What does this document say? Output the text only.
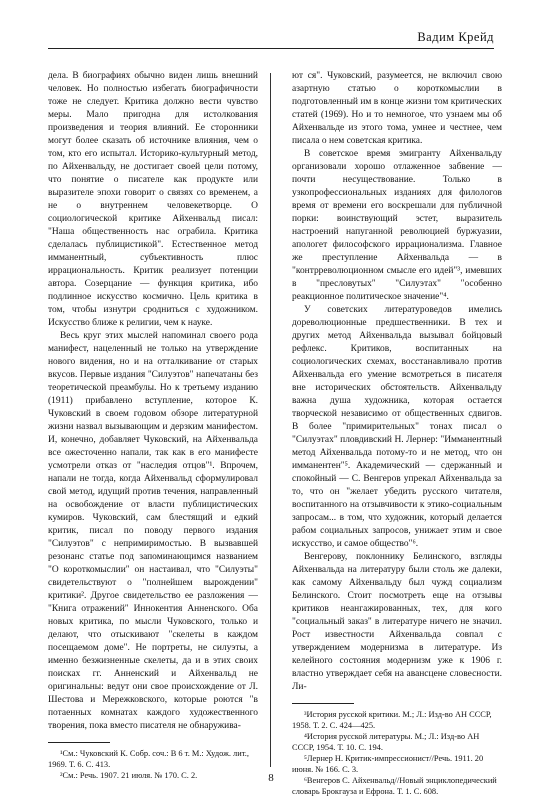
Вадим Крейд

дела. В биографиях обычно виден лишь внешний человек. Но полностью избегать биографичности тоже не следует. Критика должно вести чувство меры. Мало пригодна для истолкования произведения и теория влияний. Ее сторонники могут более сказать об источнике влияния, чем о том, кто его испытал. Историко-культурный метод, по Айхенвальду, не достигает своей цели потому, что понятие о писателе как продукте или выразителе эпохи говорит о связях со временем, а не о внутреннем человекетворце. О социологической критике Айхенвальд писал: "Наша общественность нас ограбила. Критика сделалась публицистикой". Естественное метод имманентный, субъективность плюс иррациональность. Критик реализует потенции автора. Созерцание — функция критика, ибо подлинное искусство космично. Цель критика в том, чтобы изнутри сродниться с художником. Искусство ближе к религии, чем к науке.

Весь круг этих мыслей напоминал своего рода манифест, нацеленный не только на утверждение нового видения, но и на отталкивание от старых вкусов. Первые издания "Силуэтов" напечатаны без теоретической преамбулы. Но к третьему изданию (1911) прибавлено вступление, которое К. Чуковский в своем годовом обзоре литературной жизни назвал вызывающим и дерзким манифестом. И, конечно, добавляет Чуковский, на Айхенвальда все ожесточенно напали, так как в его манифесте усмотрели отказ от "наследия отцов"¹. Впрочем, напали не тогда, когда Айхенвальд сформулировал свой метод, идущий против течения, направленный на освобождение от власти публицистических кумиров. Чуковский, сам блестящий и едкий критик, писал по поводу первого издания "Силуэтов" с непримиримостью. В вызвавшей резонанс статье под запоминающимся названием "О короткомыслии" он настаивал, что "Силуэты" свидетельствуют о "полнейшем вырождении" критики². Другое свидетельство ее разложения — "Книга отражений" Иннокентия Анненского. Оба новых критика, по мысли Чуковского, только и делают, что отыскивают "скелеты в каждом посещаемом доме". Не портреты, не силуэты, а именно безжизненные скелеты, да и в этих своих поисках гг. Анненский и Айхенвальд не оригинальны: ведут они свое происхождение от Л. Шестова и Мережковского, которые роются "в потаенных комнатах каждого художественного творения, пока вместо писателя не обнаружива-

¹См.: Чуковский К. Собр. соч.: В 6 т. М.: Худож. лит., 1969. Т. 6. С. 413.

²См.: Речь. 1907. 21 июля. № 170. С. 2.

ют ся". Чуковский, разумеется, не включил свою азартную статью о короткомыслии в подготовленный им в конце жизни том критических статей (1969). Но и то немногое, что узнаем мы об Айхенвальде из этого тома, умнее и честнее, чем писала о нем советская критика.

В советское время эмигранту Айхенвальду организовали хорошо отлаженное забвение — почти несуществование. Только в узкопрофессиональных изданиях для филологов время от времени его воскрешали для публичной порки: воинствующий эстет, выразитель настроений напуганной революцией буржуазии, апологет философского иррационализма. Главное же преступление Айхенвальда — в "контрреволюционном смысле его идей"³, имевших в "пресловутых" "Силуэтах" "особенно реакционное политическое значение"⁴.

У советских литературоведов имелись дореволюционные предшественники. В тех и других метод Айхенвальда вызывал бойцовый рефлекс. Критиков, воспитанных на социологических схемах, восстанавливало против Айхенвальда его умение всмотреться в писателя вне исторических обстоятельств. Айхенвальду важна душа художника, которая остается творческой независимо от общественных сдвигов. В более "примирительных" тонах писал о "Силуэтах" пловдивский Н. Лернер: "Имманентный метод Айхенвальда потому-то и не метод, что он имманентен"⁵. Академический — сдержанный и спокойный — С. Венгеров упрекал Айхенвальда за то, что он "желает убедить русского читателя, воспитанного на отзывчивости к этико-социальным запросам... в том, что художник, который делается рабом социальных запросов, унижает этим и свое искусство, и самое общество"⁶.

Венгерову, поклоннику Белинского, взгляды Айхенвальда на литературу были столь же далеки, как самому Айхенвальду был чужд социализм Белинского. Стоит посмотреть еще на отзывы критиков неангажированных, тех, для кого "социальный заказ" в литературе ничего не значил. Рост известности Айхенвальда совпал с утверждением модернизма в литературе. Из келейного состояния модернизм уже к 1906 г. властно утверждает себя на авансцене словесности. Ли-

³История русской критики. М.; Л.: Изд-во АН СССР, 1958. Т. 2. С. 424—425.

⁴История русской литературы. М.; Л.: Изд-во АН СССР, 1954. Т. 10. С. 194.

⁵Лернер Н. Критик-импрессионист//Речь. 1911. 20 июня. № 166. С. 3.

⁶Венгеров С. Айхенвальд//Новый энциклопедический словарь Брокгауза и Ефрона. Т. 1. С. 608.

8
